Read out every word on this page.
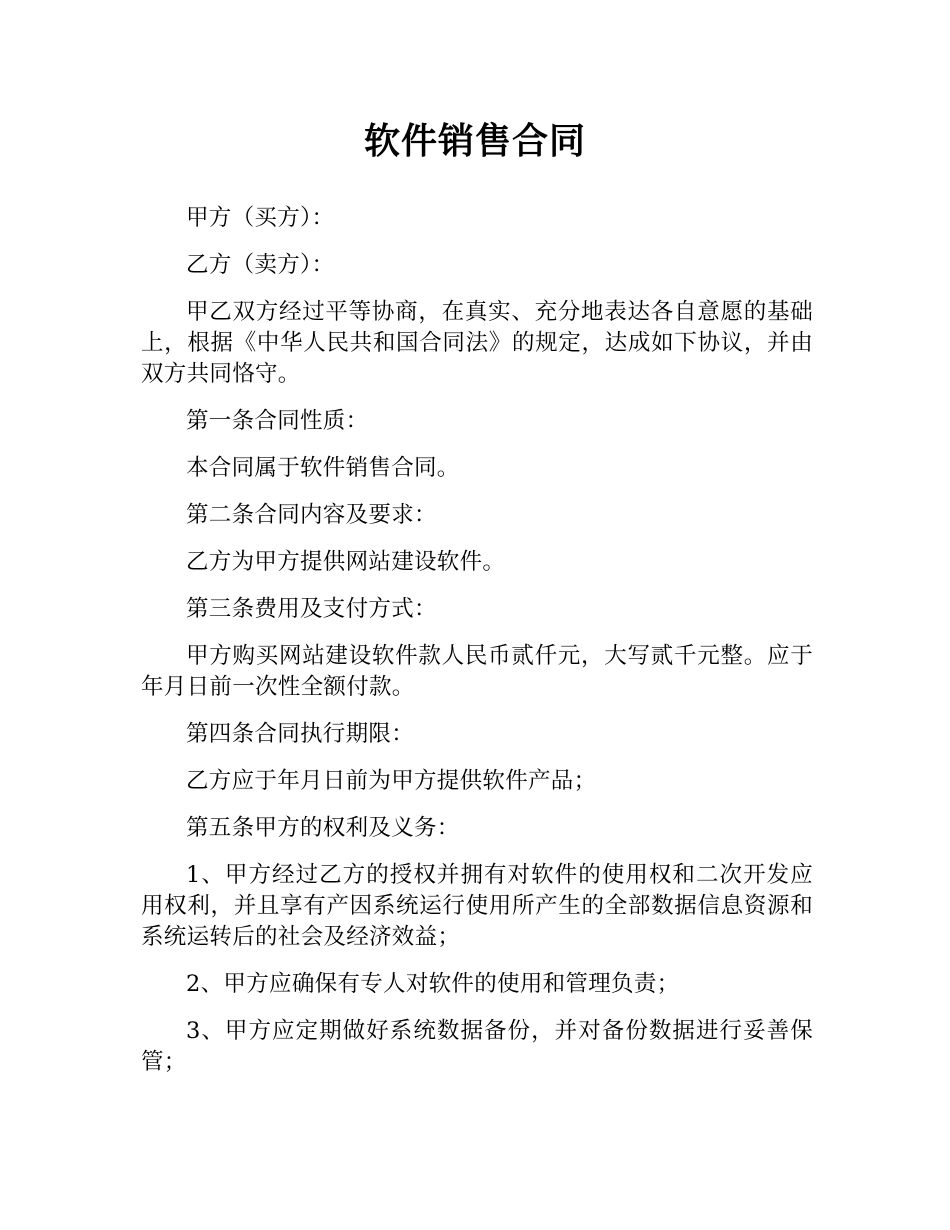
软件销售合同

甲方（买方）：

乙方（卖方）：

甲乙双方经过平等协商，在真实、充分地表达各自意愿的基础上，根据《中华人民共和国合同法》的规定，达成如下协议，并由双方共同恪守。

第一条合同性质：

本合同属于软件销售合同。

第二条合同内容及要求：

乙方为甲方提供网站建设软件。

第三条费用及支付方式：

甲方购买网站建设软件款人民币贰仟元，大写贰千元整。应于年月日前一次性全额付款。

第四条合同执行期限：

乙方应于年月日前为甲方提供软件产品；

第五条甲方的权利及义务：

1、甲方经过乙方的授权并拥有对软件的使用权和二次开发应用权利，并且享有产因系统运行使用所产生的全部数据信息资源和系统运转后的社会及经济效益；

2、甲方应确保有专人对软件的使用和管理负责；

3、甲方应定期做好系统数据备份，并对备份数据进行妥善保管；
